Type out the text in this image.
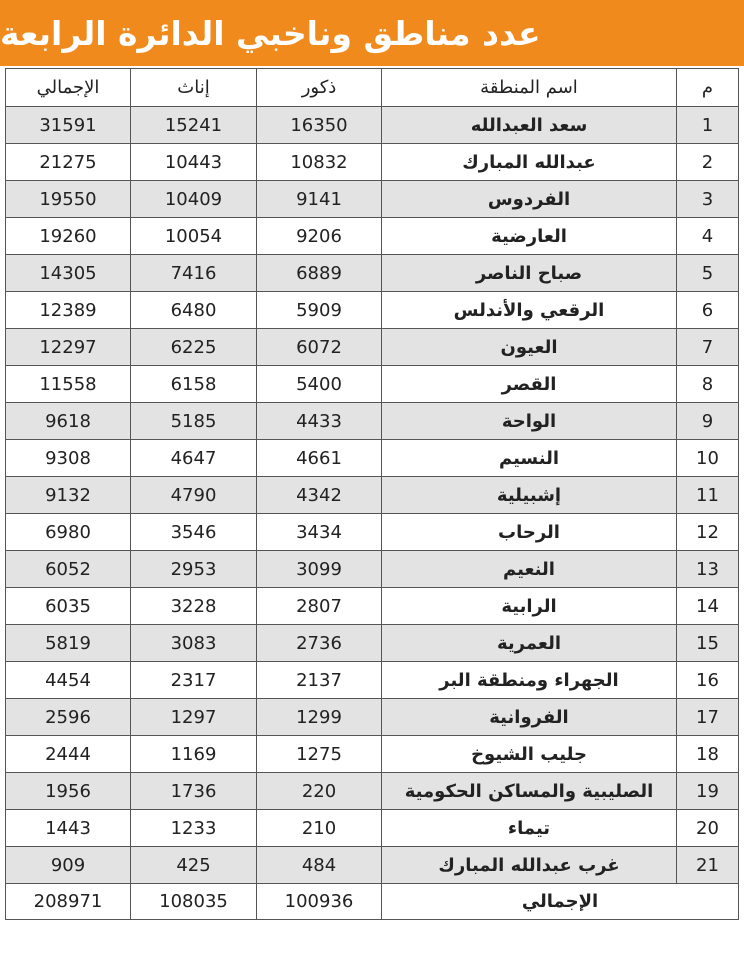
عدد مناطق وناخبي الدائرة الرابعة
الإجمالي	إناث	ذكور	اسم المنطقة	م
31591	15241	16350	سعد العبدالله	1
21275	10443	10832	عبدالله المبارك	2
19550	10409	9141	الفردوس	3
19260	10054	9206	العارضية	4
14305	7416	6889	صباح الناصر	5
12389	6480	5909	الرقعي والأندلس	6
12297	6225	6072	العيون	7
11558	6158	5400	القصر	8
9618	5185	4433	الواحة	9
9308	4647	4661	النسيم	10
9132	4790	4342	إشبيلية	11
6980	3546	3434	الرحاب	12
6052	2953	3099	النعيم	13
6035	3228	2807	الرابية	14
5819	3083	2736	العمرية	15
4454	2317	2137	الجهراء ومنطقة البر	16
2596	1297	1299	الفروانية	17
2444	1169	1275	جليب الشيوخ	18
1956	1736	220	الصليبية والمساكن الحكومية	19
1443	1233	210	تيماء	20
909	425	484	غرب عبدالله المبارك	21
208971	108035	100936	الإجمالي	
